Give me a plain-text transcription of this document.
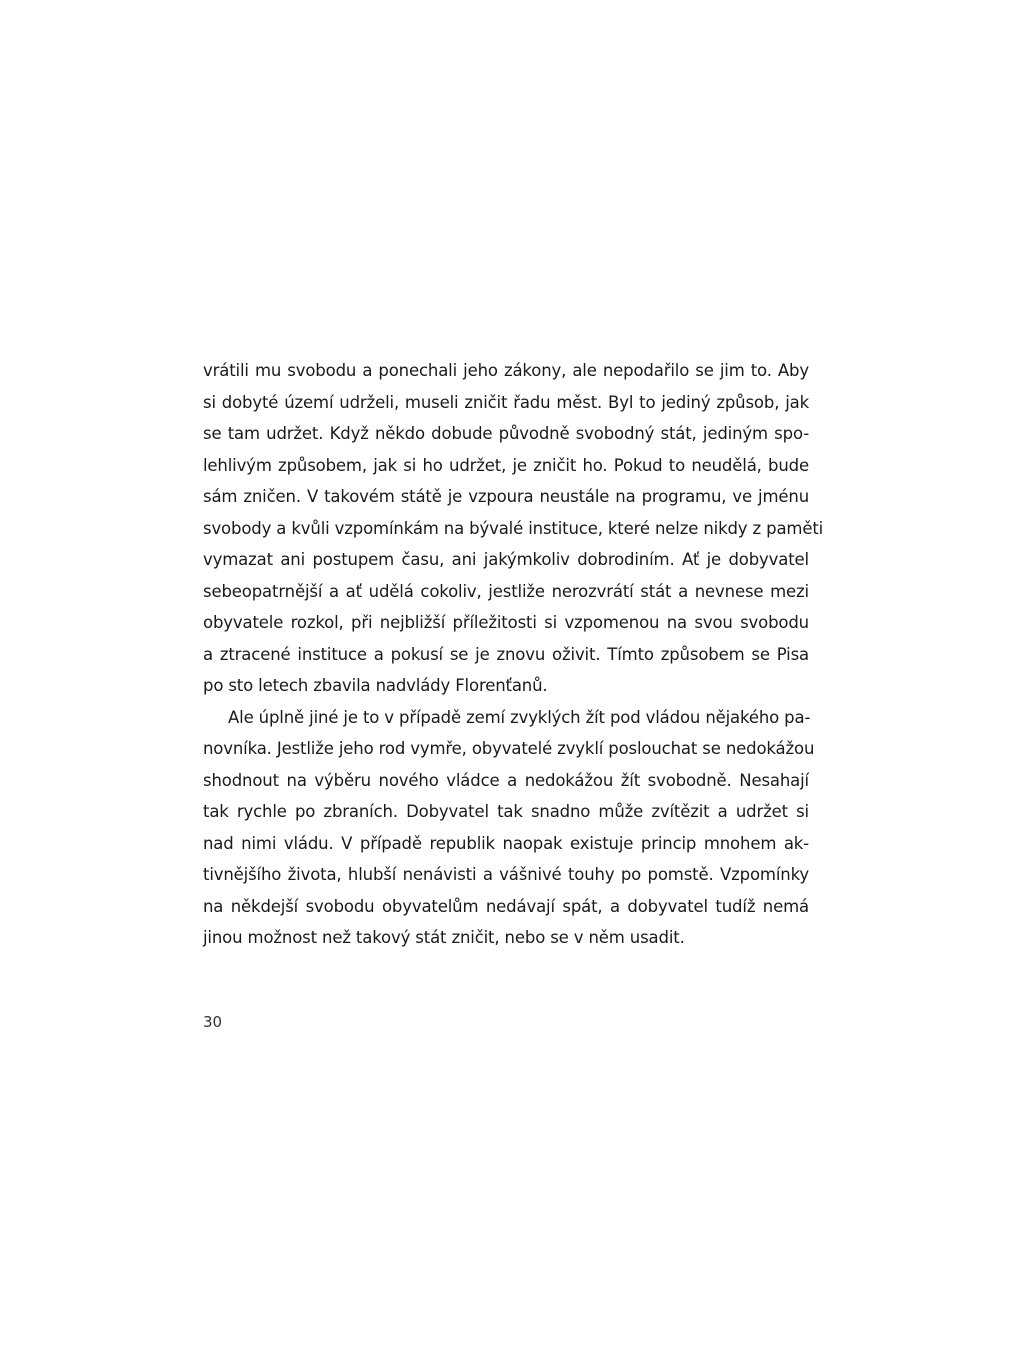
vrátili mu svobodu a ponechali jeho zákony, ale nepodařilo se jim to. Aby
si dobyté území udrželi, museli zničit řadu měst. Byl to jediný způsob, jak
se tam udržet. Když někdo dobude původně svobodný stát, jediným spo-
lehlivým způsobem, jak si ho udržet, je zničit ho. Pokud to neudělá, bude
sám zničen. V takovém státě je vzpoura neustále na programu, ve jménu
svobody a kvůli vzpomínkám na bývalé instituce, které nelze nikdy z paměti
vymazat ani postupem času, ani jakýmkoliv dobrodiním. Ať je dobyvatel
sebeopatrnější a ať udělá cokoliv, jestliže nerozvrátí stát a nevnese mezi
obyvatele rozkol, při nejbližší příležitosti si vzpomenou na svou svobodu
a ztracené instituce a pokusí se je znovu oživit. Tímto způsobem se Pisa
po sto letech zbavila nadvlády Florenťanů.
Ale úplně jiné je to v případě zemí zvyklých žít pod vládou nějakého pa-
novníka. Jestliže jeho rod vymře, obyvatelé zvyklí poslouchat se nedokážou
shodnout na výběru nového vládce a nedokážou žít svobodně. Nesahají
tak rychle po zbraních. Dobyvatel tak snadno může zvítězit a udržet si
nad nimi vládu. V případě republik naopak existuje princip mnohem ak-
tivnějšího života, hlubší nenávisti a vášnivé touhy po pomstě. Vzpomínky
na někdejší svobodu obyvatelům nedávají spát, a dobyvatel tudíž nemá
jinou možnost než takový stát zničit, nebo se v něm usadit.
30
